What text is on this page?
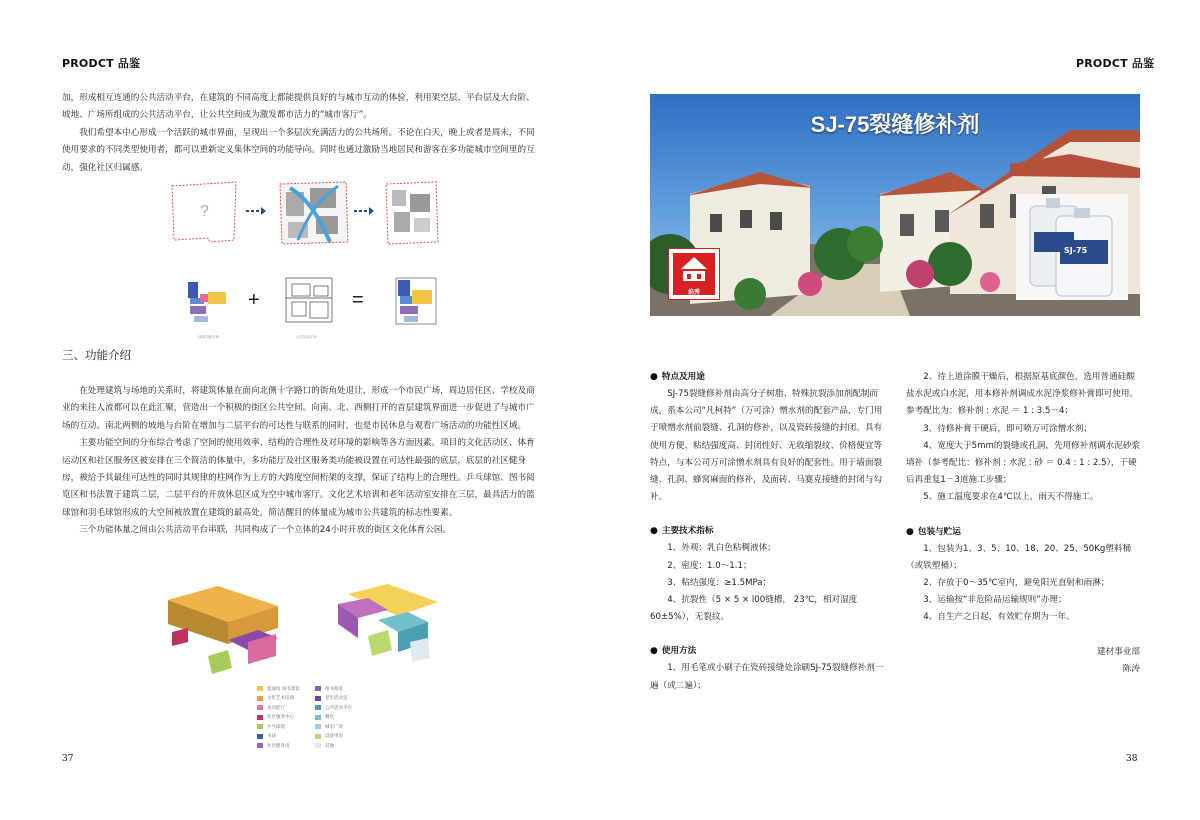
PRODCT 品鉴

加，形成相互连通的公共活动平台，在建筑的不同高度上都能提供良好的与城市互动的体验，利用架空层、平台层及大台阶、坡地、广场所组成的公共活动平台，让公共空间成为激发都市活力的“城市客厅”。

我们希望本中心形成一个活跃的城市界面，呈现出一个多层次充满活力的公共场所。不论在白天，晚上或者是周末，不同使用要求的不同类型使用者，都可以重新定义集体空间的功能导向。同时也通过激励当地居民和游客在多功能城市空间里的互动，强化社区归属感。

?
体块功能分析
+
公共活动平台
=
三、功能介绍

在处理建筑与场地的关系时，将建筑体量在面向北侧十字路口的街角处退让，形成一个市民广场，周边居住区、学校及商业的来往人流都可以在此汇聚，营造出一个积极的街区公共空间。向南、北、西侧打开的首层建筑界面进一步促进了与城市广场的互动。南北两侧的坡地与台阶在增加与二层平台的可达性与联系的同时，也是市民休息与观看广场活动的功能性区域。

主要功能空间的分布综合考虑了空间的使用效率、结构的合理性及对环境的影响等各方面因素。项目的文化活动区、体育运动区和社区服务区被安排在三个简洁的体量中，多功能厅及社区服务类功能被设置在可达性最强的底层，底层的社区健身房，被给予其最佳可达性的同时其规律的柱网作为上方的大跨度空间桁架的支撑，保证了结构上的合理性。乒乓球馆、图书阅览区和书法置于建筑二层，二层平台的开放休息区成为空中城市客厅。文化艺术培训和老年活动室安排在三层，最具活力的篮球馆和羽毛球馆形成的大空间被放置在建筑的最高处，简洁醒目的体量成为城市公共建筑的标志性要素。

三个功能体量之间由公共活动平台串联，共同构成了一个立体的24小时开放的街区文化体育公园。

篮球馆 羽毛球馆
文化艺术培训
多功能厅
社区服务中心
乒乓球馆
书法
社区健身房
图书阅览
老年活动室
公共活动平台
餐饮
城市广场
设备用房
其他
37
PRODCT 品鉴
SJ-75裂缝修补剂
焰秀
SJ-75
● 特点及用途

SJ-75裂缝修补剂由高分子树脂、特殊抗裂添加剂配制而成，系本公司“凡柯特”（万可涂）憎水剂的配套产品，专门用于喷憎水剂前裂缝、孔洞的修补，以及瓷砖接缝的封闭。具有使用方便、粘结强度高、封闭性好、无收缩裂纹、价格便宜等特点，与本公司万可涂憎水剂具有良好的配套性。用于墙面裂缝、孔洞、蜂窝麻面的修补，及面砖、马赛克接缝的封闭与勾补。

● 主要技术指标

1、外观：乳白色粘稠液体；

2、密度：1.0～1.1；

3、粘结强度：≥1.5MPa；

4、抗裂性（5 × 5 × l00缝槽， 23℃，相对湿度60±5%），无裂纹。

● 使用方法

1、用毛笔或小刷子在瓷砖接缝处涂刷SJ-75裂缝修补剂一遍（或二遍）；

2、待上道涂膜干燥后，根据原基底颜色，选用普通硅酸盐水泥或白水泥，用本修补剂调成水泥净浆修补膏即可使用。参考配比为：修补剂 : 水泥 ＝ 1 : 3.5－4；

3、待修补膏干硬后，即可喷万可涂憎水剂；

4、宽度大于5mm的裂缝或孔洞，先用修补剂调水泥砂浆填补（参考配比：修补剂 : 水泥 : 砂 ＝ 0.4 : 1 : 2.5），干硬后再重复1－3道施工步骤；

5、施工温度要求在4℃以上，雨天不得施工。

● 包装与贮运

1、包装为1、3、5、10、18、20、25、50Kg塑料桶（或铁塑桶）；

2、存放于0～35℃室内，避免阳光直射和雨淋；

3、运输按“非危险品运输规则”办理；

4、自生产之日起，有效贮存期为一年。

建材事业部
陈涛
38
